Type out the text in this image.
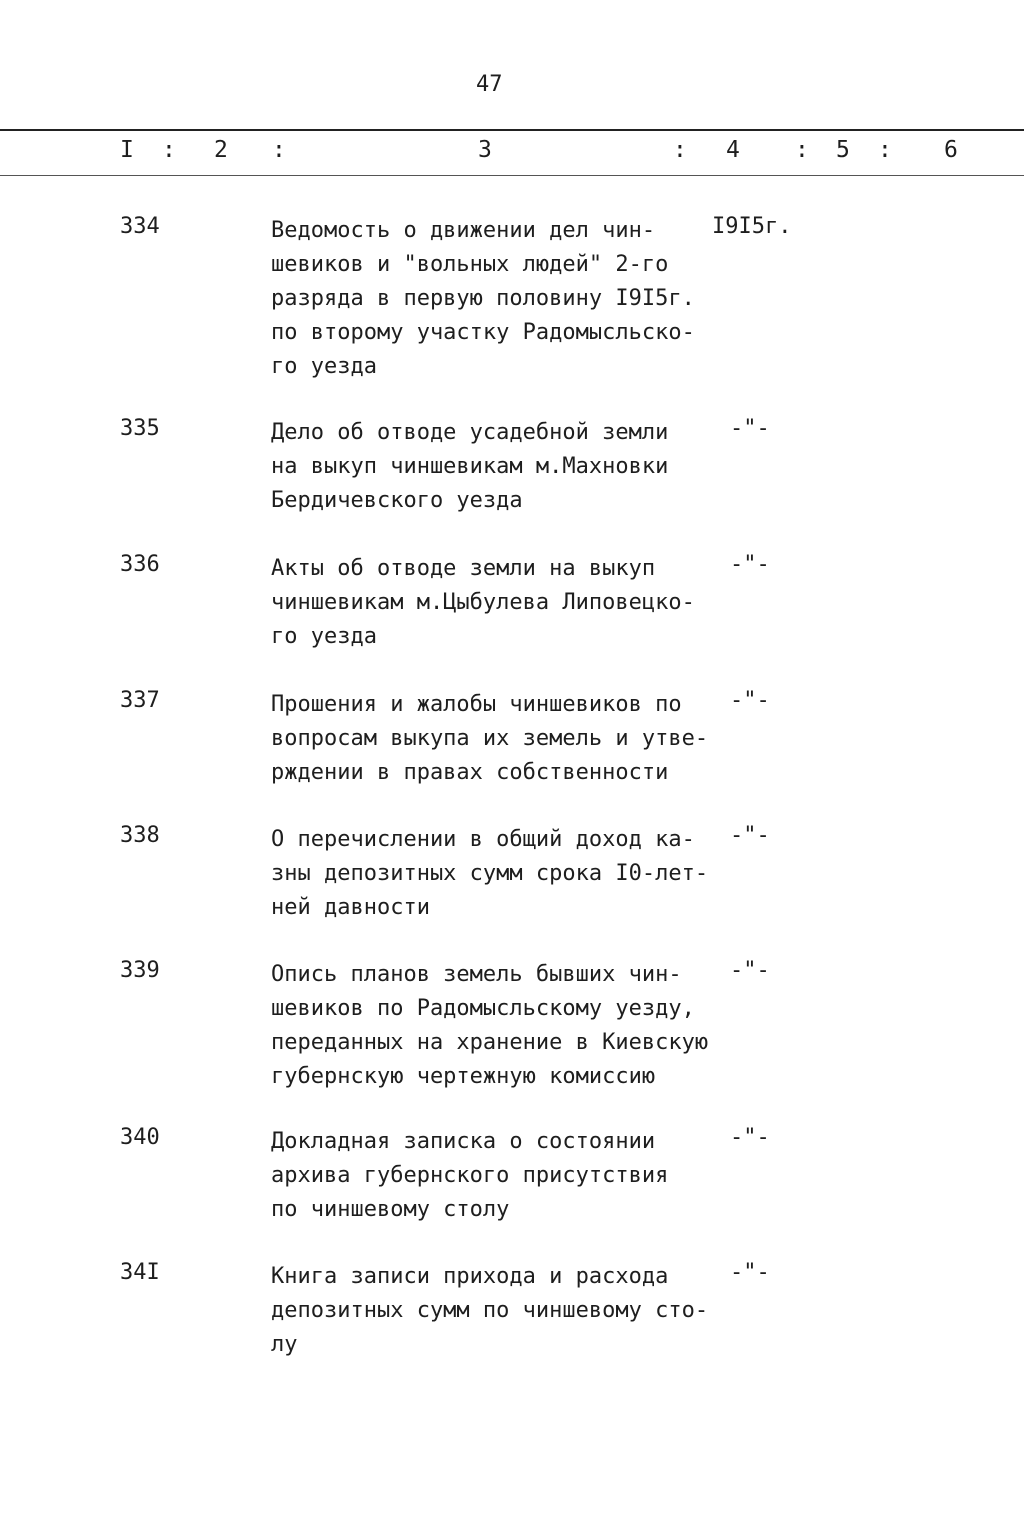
47
I : 2 :	3	: 4 : 5 : 6
334	Ведомость о движении дел чин-
шевиков и "вольных людей" 2-го
разряда в первую половину I9I5г.
по второму участку Радомысльско-
го уезда
I9I5г.
335	Дело об отводе усадебной земли
на выкуп чиншевикам м.Махновки
Бердичевского уезда
-"-
336	Акты об отводе земли на выкуп
чиншевикам м.Цыбулева Липовецко-
го уезда
-"-
337	Прошения и жалобы чиншевиков по
вопросам выкупа их земель и утве-
рждении в правах собственности
-"-
338	О перечислении в общий доход ка-
зны депозитных сумм срока I0-лет-
ней давности
-"-
339	Опись планов земель бывших чин-
шевиков по Радомысльскому уезду,
переданных на хранение в Киевскую
губернскую чертежную комиссию
-"-
340	Докладная записка о состоянии
архива губернского присутствия
по чиншевому столу
-"-
34I	Книга записи прихода и расхода
депозитных сумм по чиншевому сто-
лу
-"-
